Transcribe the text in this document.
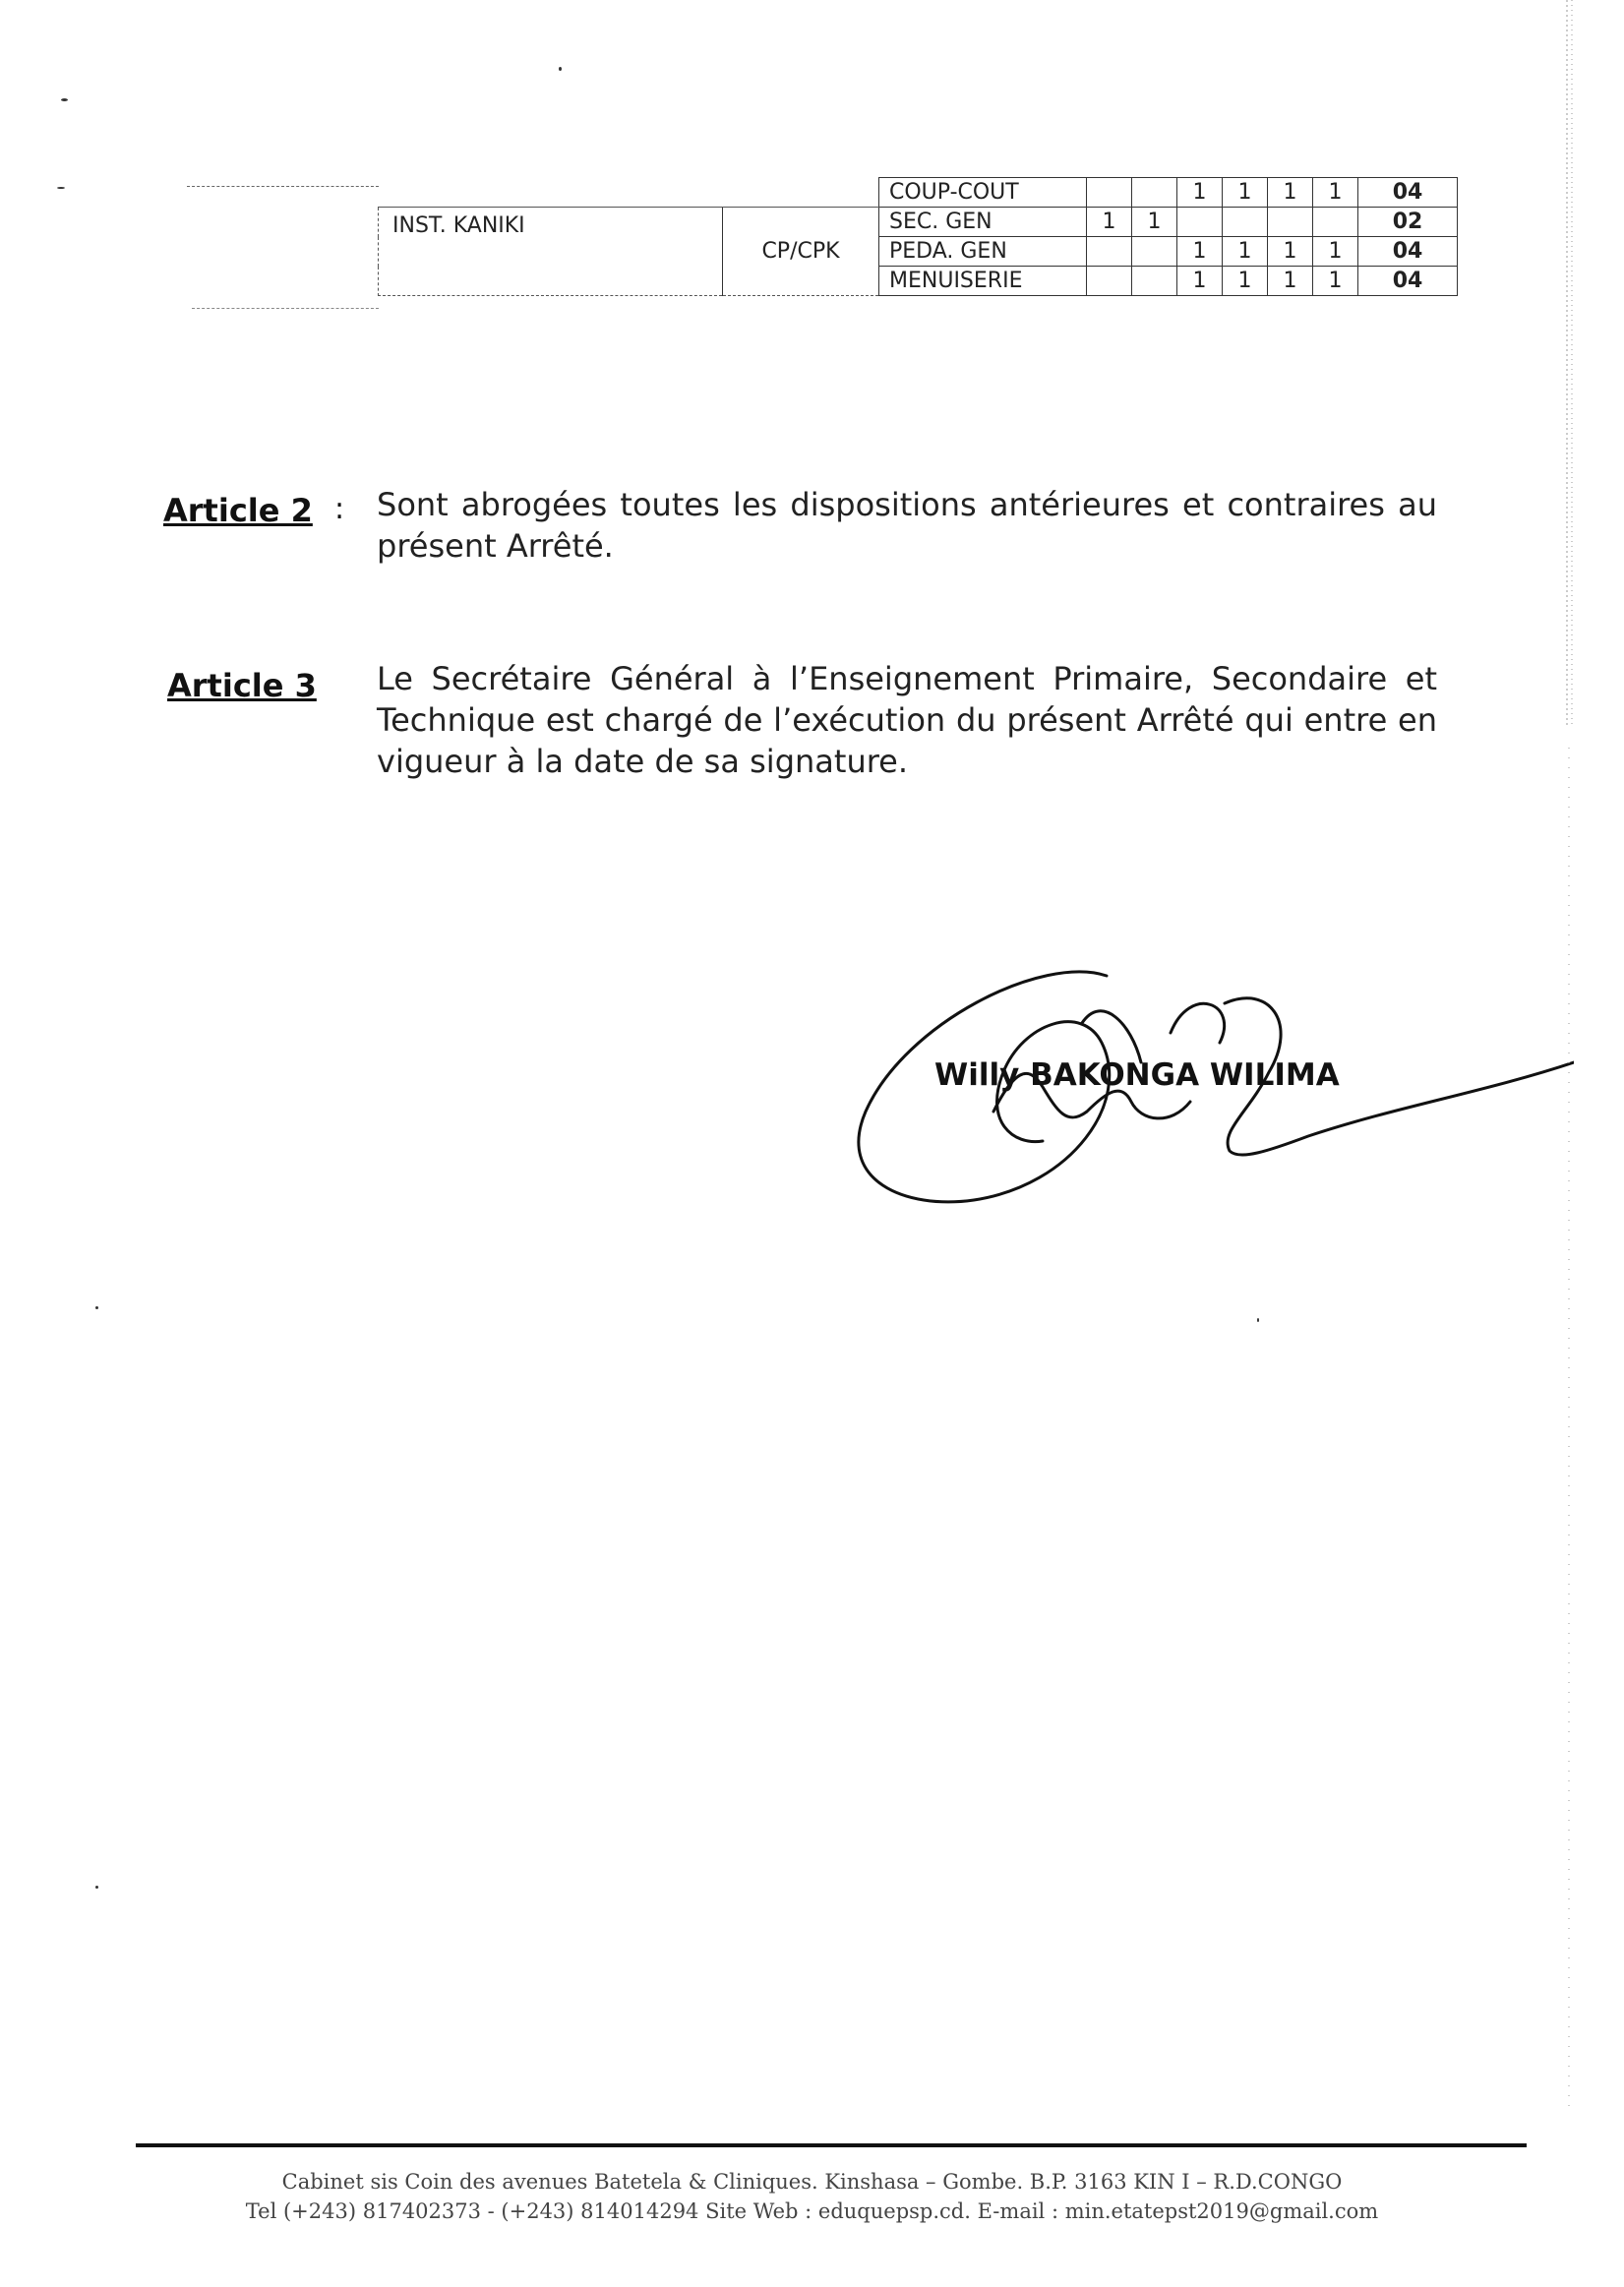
		COUP-COUT			1	1	1	1	04
INST. KANIKI	CP/CPK	SEC. GEN	1	1					02
		PEDA. GEN			1	1	1	1	04
		MENUISERIE			1	1	1	1	04
Article 2 : Sont abrogées toutes les dispositions antérieures et contraires au

présent Arrêté.

Article 3 Le Secrétaire Général à l’Enseignement Primaire, Secondaire et

Technique est chargé de l’exécution du présent Arrêté qui entre en

vigueur à la date de sa signature.

Willy BAKONGA WILIMA
Cabinet sis Coin des avenues Batetela & Cliniques. Kinshasa – Gombe. B.P. 3163 KIN I – R.D.CONGO
Tel (+243) 817402373 - (+243) 814014294 Site Web : eduquepsp.cd. E-mail : min.etatepst2019@gmail.com
